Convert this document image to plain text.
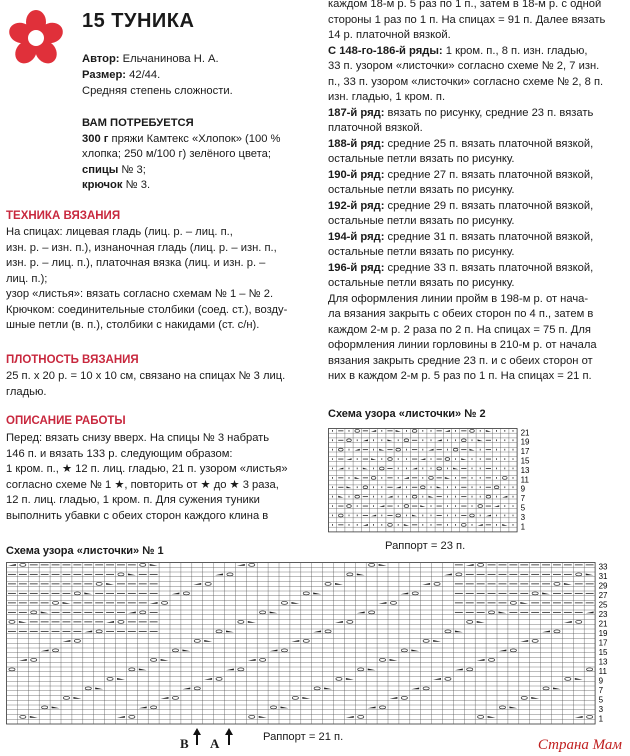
15 ТУНИКА
Автор: Ельчанинова Н. А.
Размер: 42/44.
Средняя степень сложности.
ВАМ ПОТРЕБУЕТСЯ
300 г пряжи Камтекс «Хлопок» (100 %
хлопка; 250 м/100 г) зелёного цвета;
спицы № 3;
крючок № 3.
ТЕХНИКА ВЯЗАНИЯ

На спицах: лицевая гладь (лиц. р. – лиц. п.,

изн. р. – изн. п.), изнаночная гладь (лиц. р. – изн. п.,

изн. р. – лиц. п.), платочная вязка (лиц. и изн. р. –

лиц. п.);

узор «листья»: вязать согласно схемам № 1 – № 2.

Крючком: соединительные столбики (соед. ст.), возду-

шные петли (в. п.), столбики с накидами (ст. с/н).

ПЛОТНОСТЬ ВЯЗАНИЯ

25 п. х 20 р. = 10 х 10 см, связано на спицах № 3 лиц.

гладью.

ОПИСАНИЕ РАБОТЫ

Перед: вязать снизу вверх. На спицы № 3 набрать

146 п. и вязать 133 р. следующим образом:

1 кром. п., ★ 12 п. лиц. гладью, 21 п. узором «листья»

согласно схеме № 1 ★, повторить от ★ до ★ 3 раза,

12 п. лиц. гладью, 1 кром. п. Для сужения туники

выполнить убавки с обеих сторон каждого клина в

каждом 18-м р. 5 раз по 1 п., затем в 18-м р. с одной

стороны 1 раз по 1 п. На спицах = 91 п. Далее вязать

14 р. платочной вязкой.

С 148-го-186-й ряды: 1 кром. п., 8 п. изн. гладью,

33 п. узором «листочки» согласно схеме № 2, 7 изн.

п., 33 п. узором «листочки» согласно схеме № 2, 8 п.

изн. гладью, 1 кром. п.

187-й ряд: вязать по рисунку, средние 23 п. вязать

платочной вязкой.

188-й ряд: средние 25 п. вязать платочной вязкой,

остальные петли вязать по рисунку.

190-й ряд: средние 27 п. вязать платочной вязкой,

остальные петли вязать по рисунку.

192-й ряд: средние 29 п. вязать платочной вязкой,

остальные петли вязать по рисунку.

194-й ряд: средние 31 п. вязать платочной вязкой,

остальные петли вязать по рисунку.

196-й ряд: средние 33 п. вязать платочной вязкой,

остальные петли вязать по рисунку.

Для оформления линии пройм в 198-м р. от нача-

ла вязания закрыть с обеих сторон по 4 п., затем в

каждом 2-м р. 2 раза по 2 п. На спицах = 75 п. Для

оформления линии горловины в 210-м р. от начала

вязания закрыть средние 23 п. и с обеих сторон от

них в каждом 2-м р. 5 раз по 1 п. На спицах = 21 п.

Схема узора «листочки» № 2
21
19
17
15
13
11
9
7
5
3
1
Раппорт = 23 п.
Схема узора «листочки» № 1
33
31
29
27
25
23
21
19
17
15
13
11
9
7
5
3
1
B A	Раппорт = 21 п.	Страна Мам
